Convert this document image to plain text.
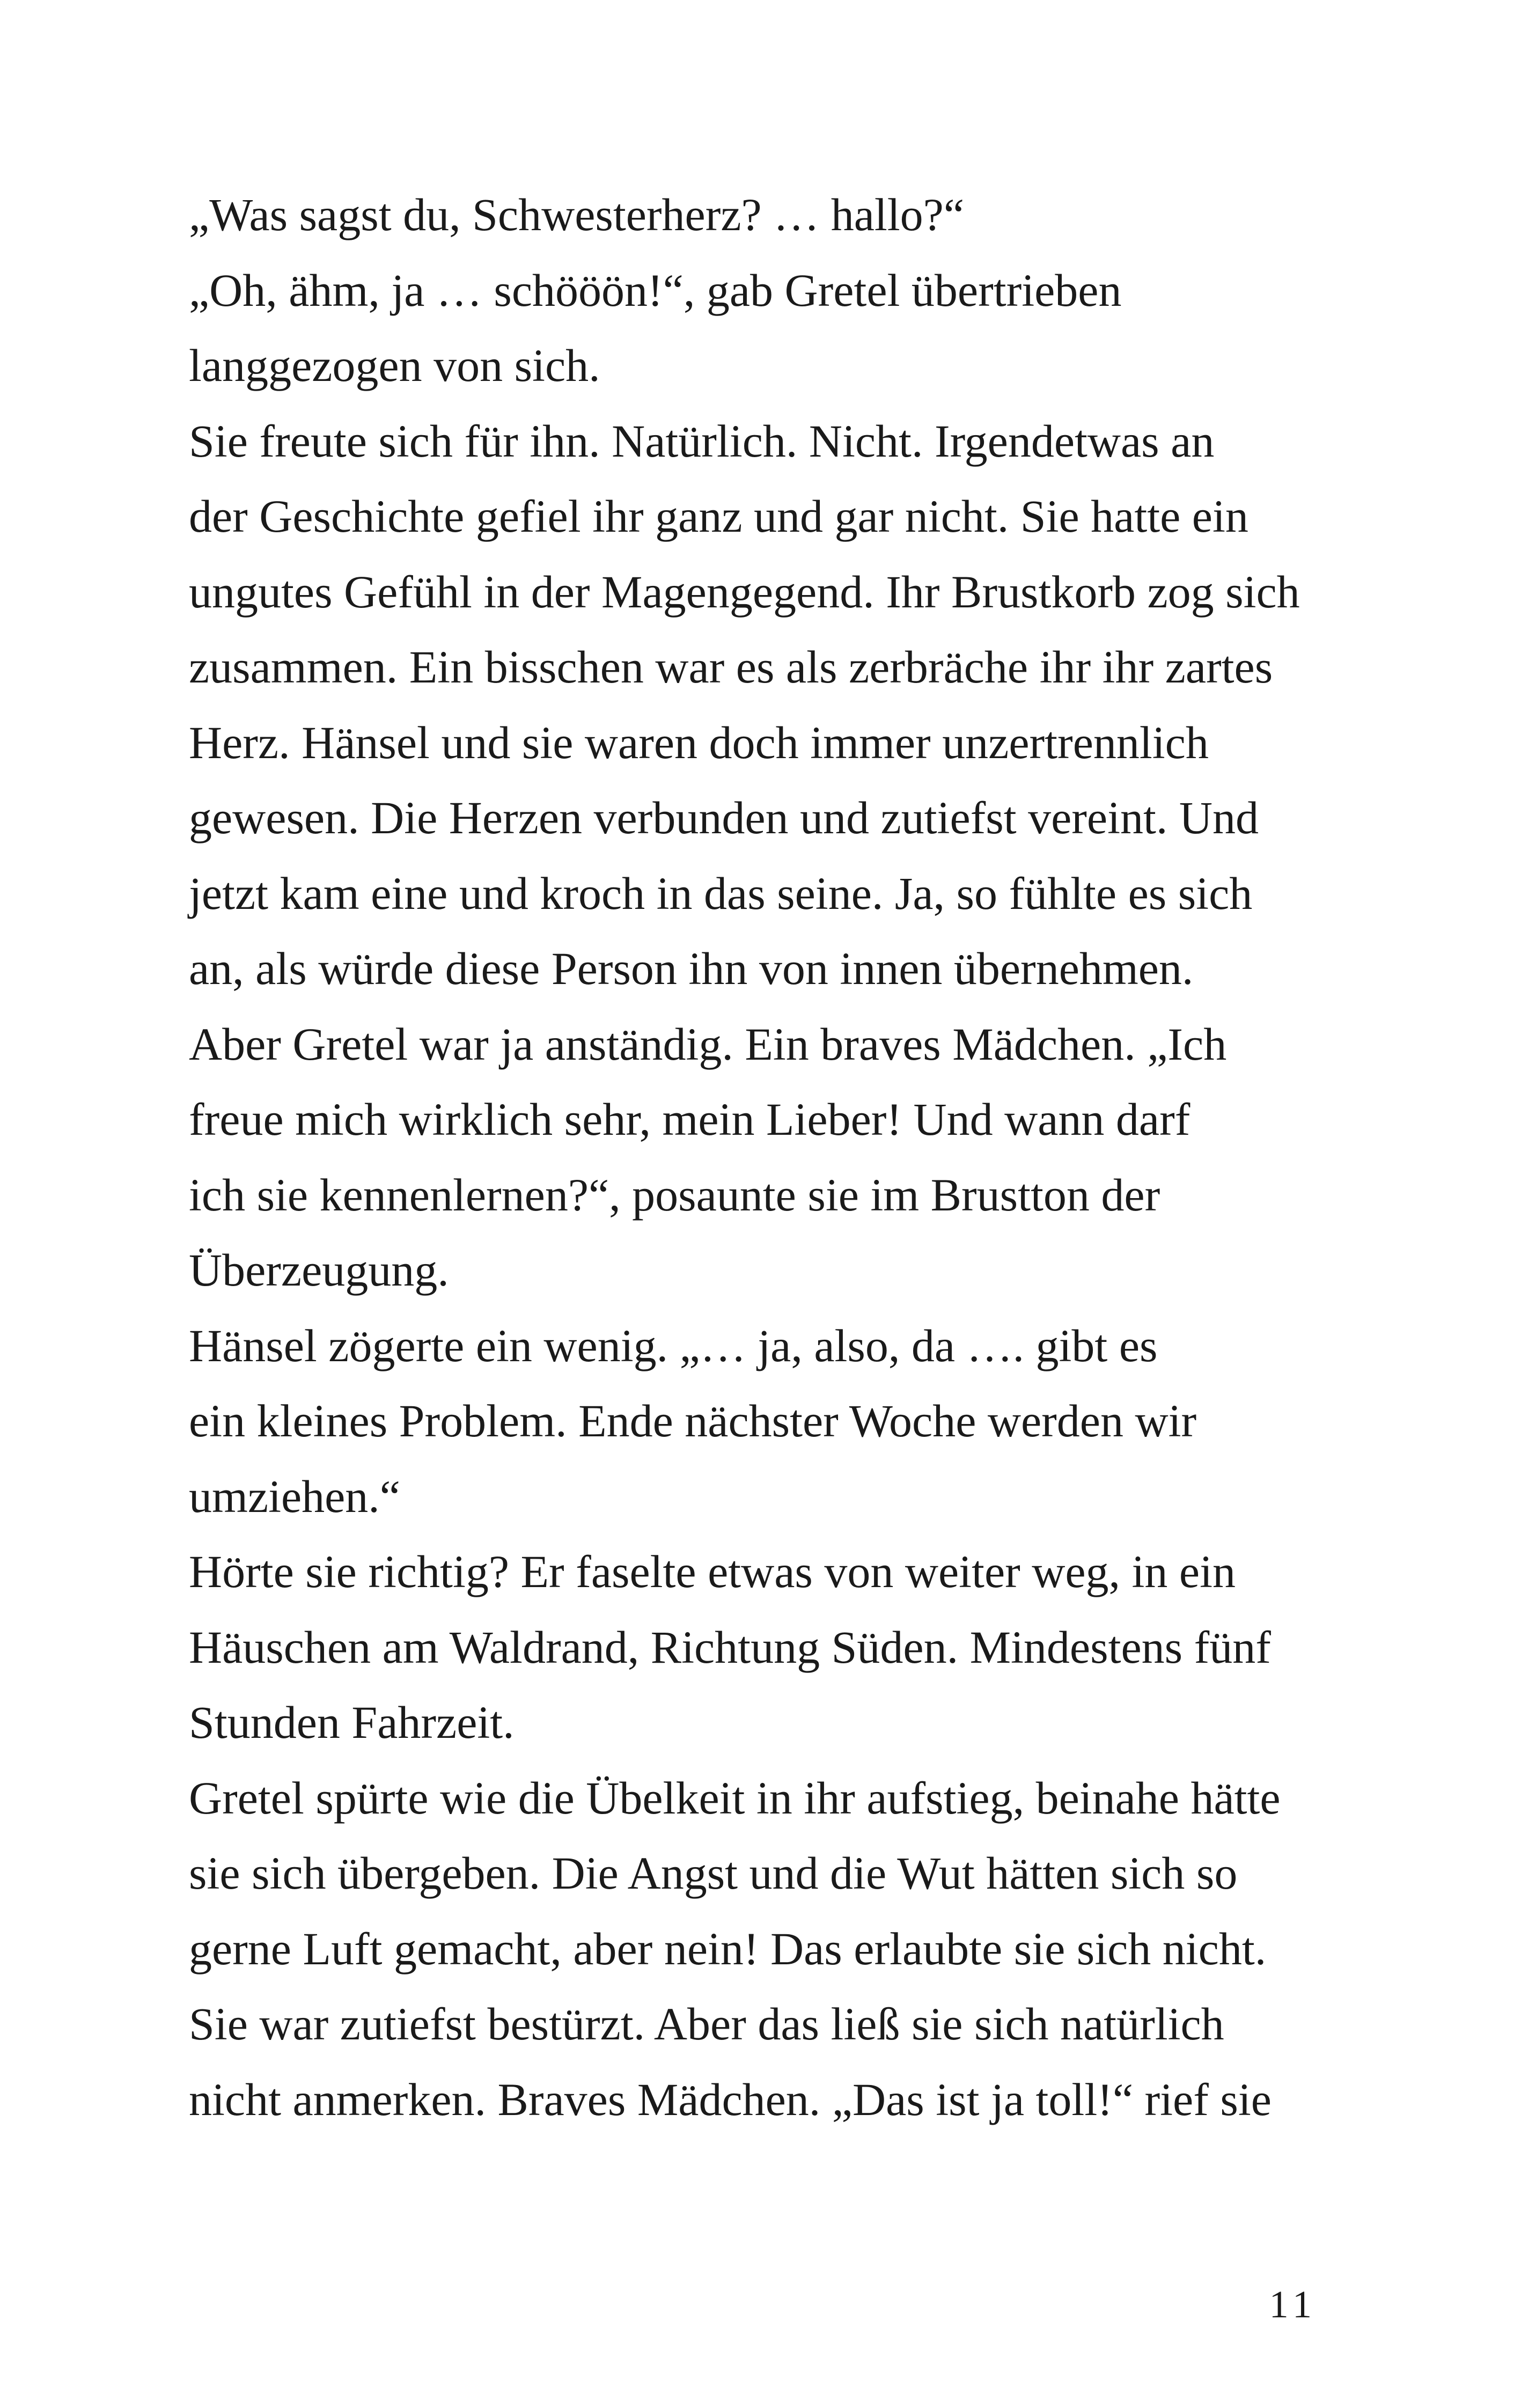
„Was sagst du, Schwesterherz? … hallo?“

„Oh, ähm, ja … schööön!“, gab Gretel übertrieben

langgezogen von sich.

Sie freute sich für ihn. Natürlich. Nicht. Irgendetwas an

der Geschichte gefiel ihr ganz und gar nicht. Sie hatte ein

ungutes Gefühl in der Magengegend. Ihr Brustkorb zog sich

zusammen. Ein bisschen war es als zerbräche ihr ihr zartes

Herz. Hänsel und sie waren doch immer unzertrennlich

gewesen. Die Herzen verbunden und zutiefst vereint. Und

jetzt kam eine und kroch in das seine. Ja, so fühlte es sich

an, als würde diese Person ihn von innen übernehmen.

Aber Gretel war ja anständig. Ein braves Mädchen. „Ich

freue mich wirklich sehr, mein Lieber! Und wann darf

ich sie kennenlernen?“, posaunte sie im Brustton der

Überzeugung.

Hänsel zögerte ein wenig. „… ja, also, da …. gibt es

ein kleines Problem. Ende nächster Woche werden wir

umziehen.“

Hörte sie richtig? Er faselte etwas von weiter weg, in ein

Häuschen am Waldrand, Richtung Süden. Mindestens fünf

Stunden Fahrzeit.

Gretel spürte wie die Übelkeit in ihr aufstieg, beinahe hätte

sie sich übergeben. Die Angst und die Wut hätten sich so

gerne Luft gemacht, aber nein! Das erlaubte sie sich nicht.

Sie war zutiefst bestürzt. Aber das ließ sie sich natürlich

nicht anmerken. Braves Mädchen. „Das ist ja toll!“ rief sie

11
